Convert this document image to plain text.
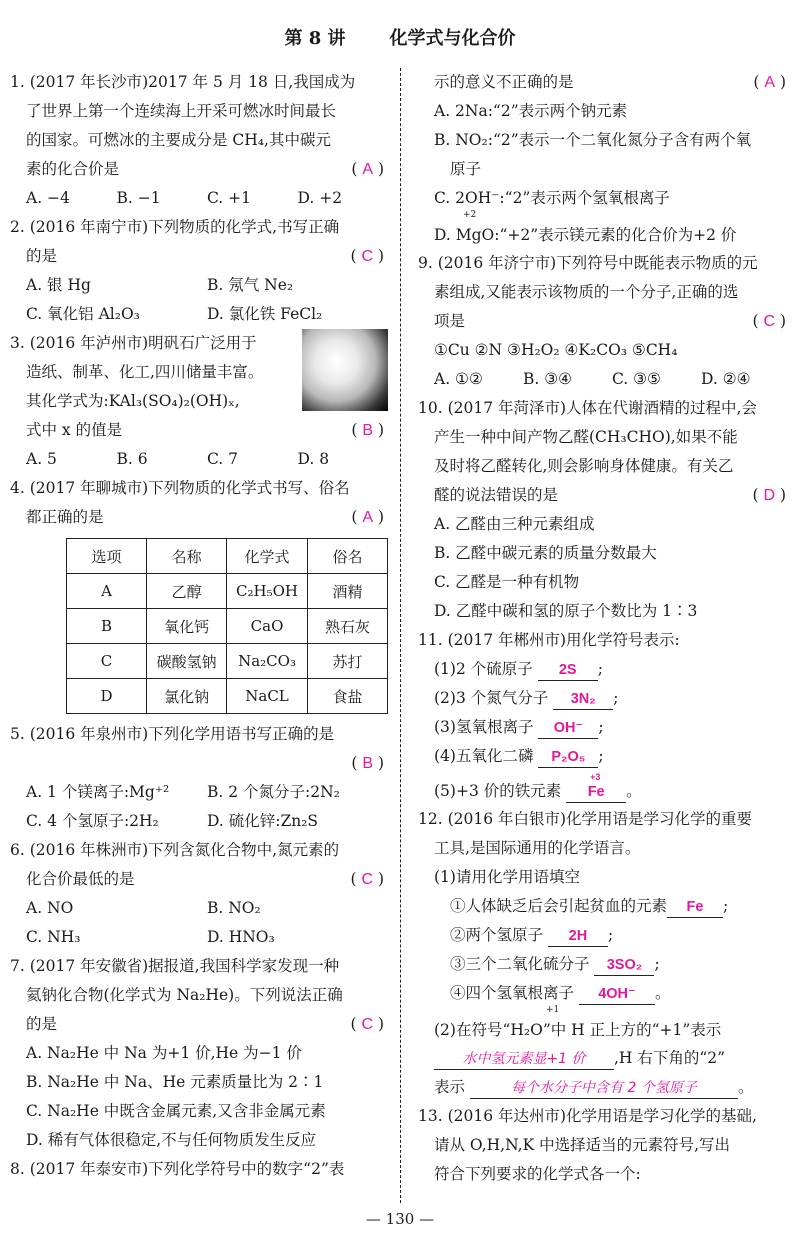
第 8 讲 化学式与化合价
1. (2017 年长沙市)2017 年 5 月 18 日,我国成为
了世界上第一个连续海上开采可燃冰时间最长
的国家。可燃冰的主要成分是 CH₄,其中碳元
素的化合价是	( A )
A. −4	B. −1	C. +1	D. +2
2. (2016 年南宁市)下列物质的化学式,书写正确
的是	( C )
A. 银 Hg	B. 氖气 Ne₂
C. 氧化铝 Al₂O₃	D. 氯化铁 FeCl₂
3. (2016 年泸州市)明矾石广泛用于
造纸、制革、化工,四川储量丰富。
其化学式为:KAl₃(SO₄)₂(OH)ₓ,
式中 x 的值是	( B )
A. 5	B. 6	C. 7	D. 8
4. (2017 年聊城市)下列物质的化学式书写、俗名
都正确的是	( A )
选项	名称	化学式	俗名
A	乙醇	C₂H₅OH	酒精
B	氧化钙	CaO	熟石灰
C	碳酸氢钠	Na₂CO₃	苏打
D	氯化钠	NaCL	食盐
5. (2016 年泉州市)下列化学用语书写正确的是
( B )
A. 1 个镁离子:Mg⁺²	B. 2 个氮分子:2N₂
C. 4 个氢原子:2H₂	D. 硫化锌:Zn₂S
6. (2016 年株洲市)下列含氮化合物中,氮元素的
化合价最低的是	( C )
A. NO	B. NO₂
C. NH₃	D. HNO₃
7. (2017 年安徽省)据报道,我国科学家发现一种
氦钠化合物(化学式为 Na₂He)。下列说法正确
的是	( C )
A. Na₂He 中 Na 为+1 价,He 为−1 价
B. Na₂He 中 Na、He 元素质量比为 2∶1
C. Na₂He 中既含金属元素,又含非金属元素
D. 稀有气体很稳定,不与任何物质发生反应
8. (2017 年泰安市)下列化学符号中的数字“2”表
示的意义不正确的是	( A )
A. 2Na:“2”表示两个钠元素
B. NO₂:“2”表示一个二氧化氮分子含有两个氧
原子
C. 2OH⁻:“2”表示两个氢氧根离子
+2
D. MgO:“+2”表示镁元素的化合价为+2 价
9. (2016 年济宁市)下列符号中既能表示物质的元
素组成,又能表示该物质的一个分子,正确的选
项是	( C )
①Cu ②N ③H₂O₂ ④K₂CO₃ ⑤CH₄
A. ①②	B. ③④	C. ③⑤	D. ②④
10. (2017 年菏泽市)人体在代谢酒精的过程中,会
产生一种中间产物乙醛(CH₃CHO),如果不能
及时将乙醛转化,则会影响身体健康。有关乙
醛的说法错误的是	( D )
A. 乙醛由三种元素组成
B. 乙醛中碳元素的质量分数最大
C. 乙醛是一种有机物
D. 乙醛中碳和氢的原子个数比为 1∶3
11. (2017 年郴州市)用化学符号表示:
(1)2 个硫原子 2S ;
(2)3 个氮气分子 3N₂ ;
(3)氢氧根离子 OH⁻ ;
(4)五氧化二磷 P₂O₅ ;
(5)+3 价的铁元素
+3
Fe 。
12. (2016 年白银市)化学用语是学习化学的重要
工具,是国际通用的化学语言。
(1)请用化学用语填空
①人体缺乏后会引起贫血的元素 Fe ;
②两个氢原子 2H ;
③三个二氧化硫分子 3SO₂ ;
④四个氢氧根离子 4OH⁻ 。
+1
(2)在符号“H₂O”中 H 正上方的“+1”表示
水中氢元素显+1 价 ,H 右下角的“2”
表示	每个水分子中含有 2 个氢原子	。
13. (2016 年达州市)化学用语是学习化学的基础,
请从 O,H,N,K 中选择适当的元素符号,写出
符合下列要求的化学式各一个:
— 130 —
